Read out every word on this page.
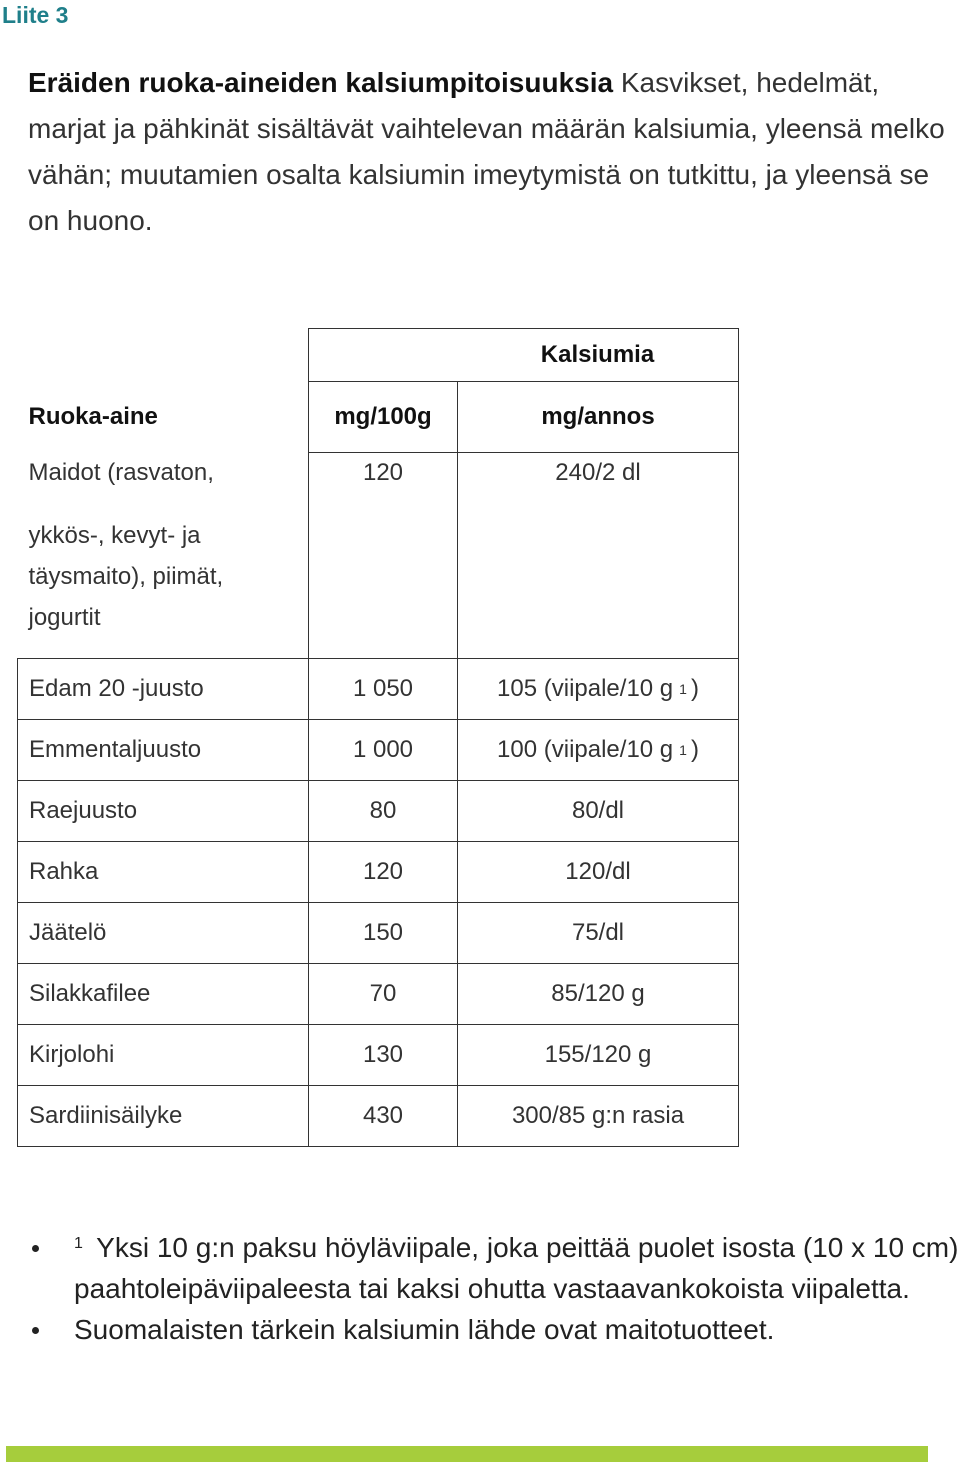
Liite 3
Eräiden ruoka-aineiden kalsiumpitoisuuksia Kasvikset, hedelmät, marjat ja pähkinät sisältävät vaihtelevan määrän kalsiumia, yleensä melko vähän; muutamien osalta kalsiumin imeytymistä on tutkittu, ja yleensä se on huono.
	Kalsiumia	
Ruoka-aine	mg/100g	mg/annos

Maidot (rasvaton,
ykkös-, kevyt- ja
täysmaito), piimät,
jogurtit	120	240/2 dl

Edam 20 -juusto	1 050	105 (viipale/10 g $_1$ )
Emmentaljuusto	1 000	100 (viipale/10 g $_1$ )
Raejuusto	80	80/dl
Rahka	120	120/dl
Jäätelö	150	75/dl
Silakkafilee	70	85/120 g
Kirjolohi	130	155/120 g
Sardiinisäilyke	430	300/85 g:n rasia
$^1$ Yksi 10 g:n paksu höyläviipale, joka peittää puolet isosta (10 x 10 cm) paahtoleipäviipaleesta tai kaksi ohutta vastaavankokoista viipaletta.
Suomalaisten tärkein kalsiumin lähde ovat maitotuotteet.
